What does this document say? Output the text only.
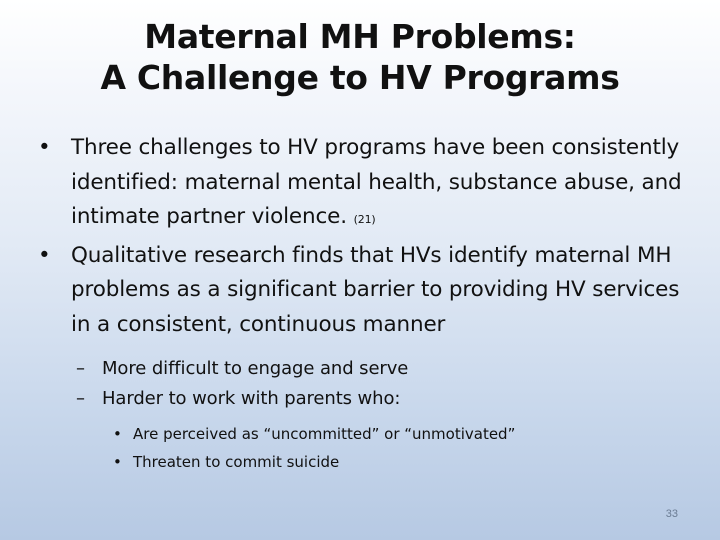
Maternal MH Problems:
A Challenge to HV Programs
• Three challenges to HV programs have been consistently identified: maternal mental health, substance abuse, and intimate partner violence. (21)
• Qualitative research finds that HVs identify maternal MH problems as a significant barrier to providing HV services in a consistent, continuous manner
– More difficult to engage and serve
– Harder to work with parents who:
• Are perceived as “uncommitted” or “unmotivated”
• Threaten to commit suicide
33
